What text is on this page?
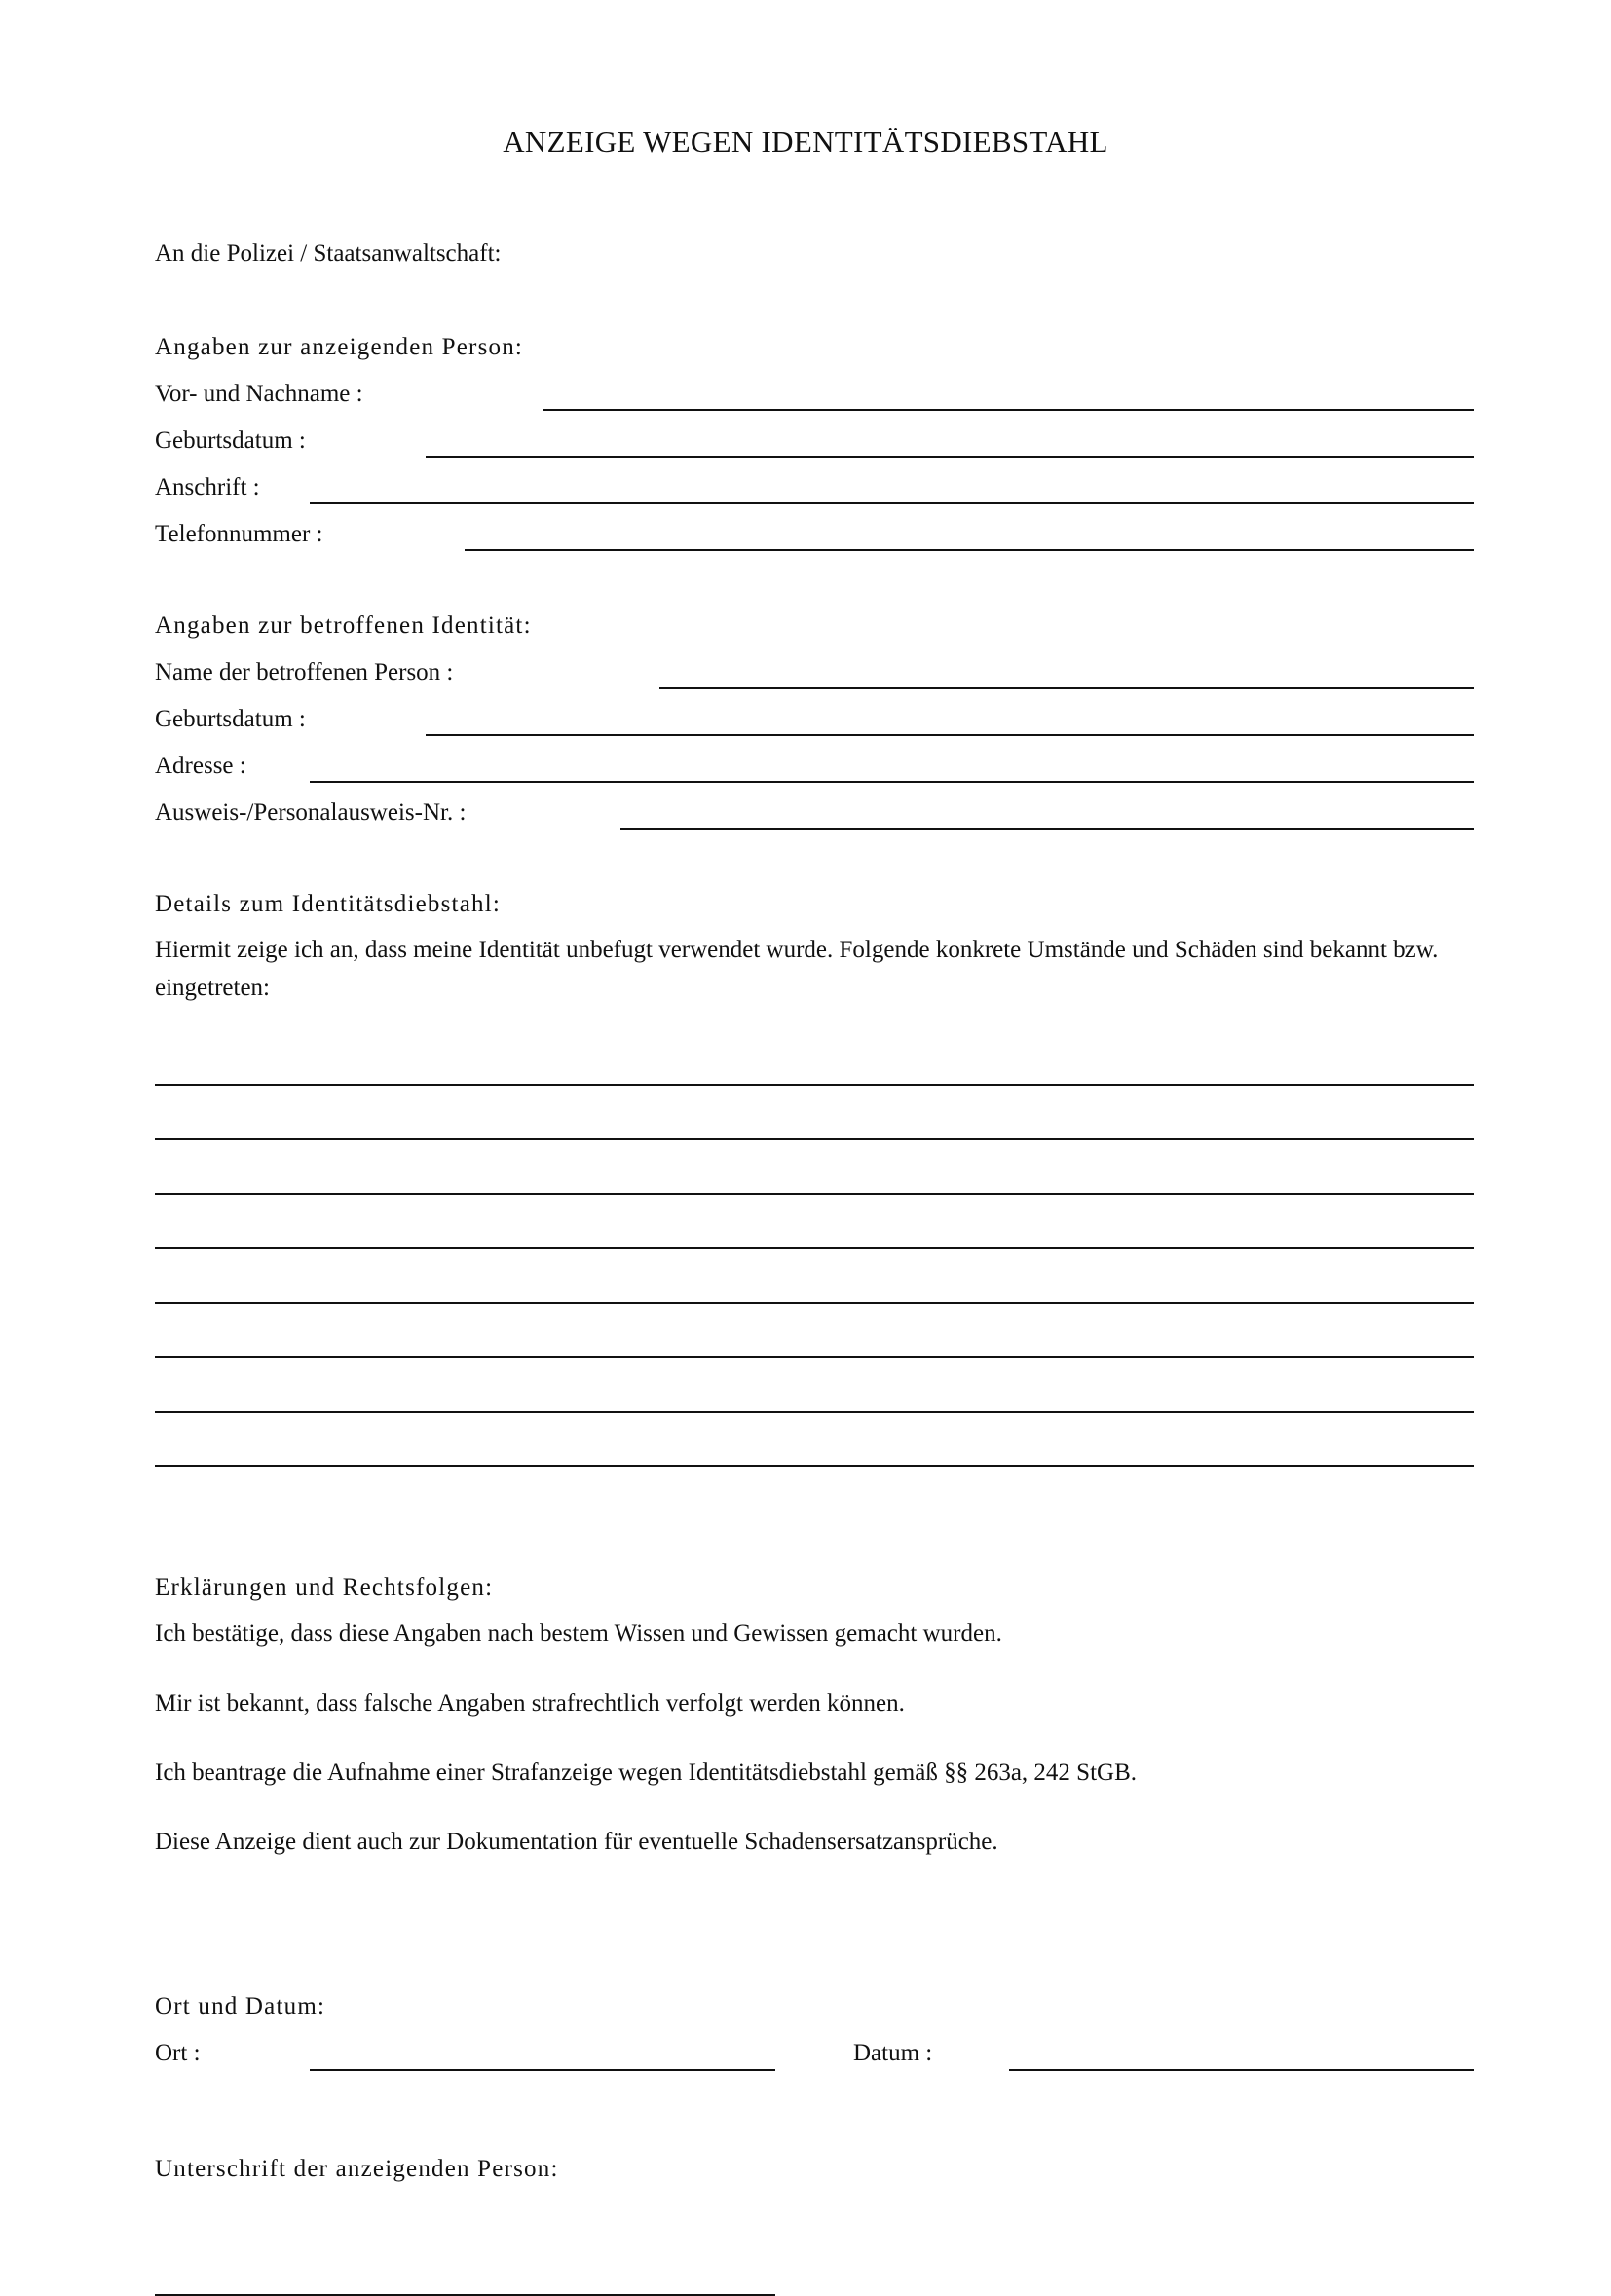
ANZEIGE WEGEN IDENTITÄTSDIEBSTAHL
An die Polizei / Staatsanwaltschaft:
Angaben zur anzeigenden Person:
Vor- und Nachname :
Geburtsdatum :
Anschrift :
Telefonnummer :
Angaben zur betroffenen Identität:
Name der betroffenen Person :
Geburtsdatum :
Adresse :
Ausweis-/Personalausweis-Nr. :
Details zum Identitätsdiebstahl:
Hiermit zeige ich an, dass meine Identität unbefugt verwendet wurde. Folgende konkrete Umstände und Schäden sind bekannt bzw. eingetreten:
Erklärungen und Rechtsfolgen:
Ich bestätige, dass diese Angaben nach bestem Wissen und Gewissen gemacht wurden.
Mir ist bekannt, dass falsche Angaben strafrechtlich verfolgt werden können.
Ich beantrage die Aufnahme einer Strafanzeige wegen Identitätsdiebstahl gemäß §§ 263a, 242 StGB.
Diese Anzeige dient auch zur Dokumentation für eventuelle Schadensersatzansprüche.
Ort und Datum:
Ort :	Datum :
Unterschrift der anzeigenden Person:
